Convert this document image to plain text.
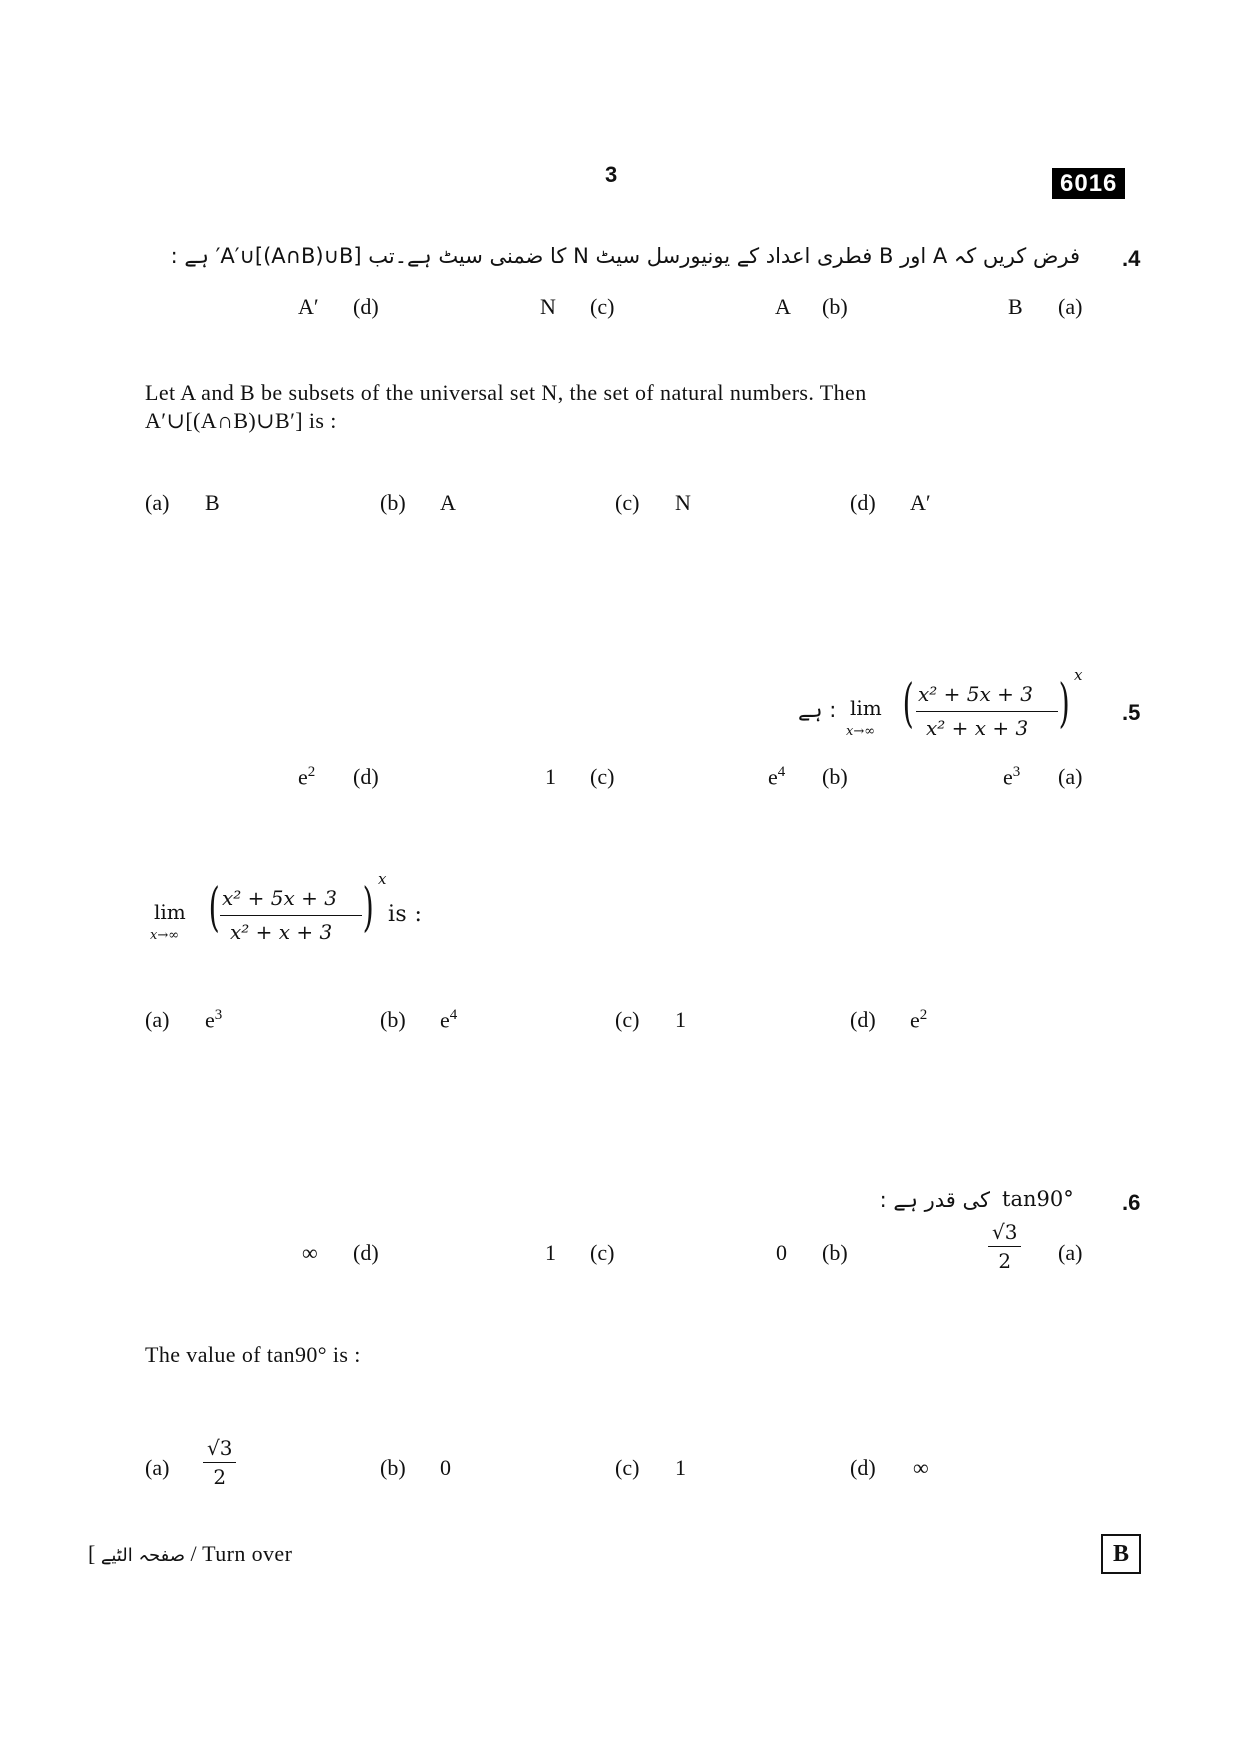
3	6016
.4
فرض کریں کہ A اور B فطری اعداد کے یونیورسل سیٹ N کا ضمنی سیٹ ہے۔تب [A′∪[(A∩B)∪B′ ہے :
(a)
B
(b)
A
(c)
N
(d)
A′
Let A and B be subsets of the universal set N, the set of natural numbers. Then
A′∪[(A∩B)∪B′] is :
(a) B	(b) A	(c) N	(d) A′
.5
: ہے lim
x→∞ ( x² + 5x + 3
x² + x + 3 ) x
(a)
$e^3$
(b)
$e^4$
(c)
1
(d)
$e^2$
lim
x→∞ ( x² + 5x + 3
x² + x + 3 ) x
is :
(a) $e^3$	(b) $e^4$	(c) 1	(d) $e^2$
.6
tan90°
کی قدر ہے :
(a)
$\frac{√3}{2}$
(b)
0
(c)
1
(d)
∞
The value of tan90° is :
$(a) \frac{√3}{2}$	(b) 0	(c) 1	(d) ∞
[ صفحہ الٹیے / Turn over	B
